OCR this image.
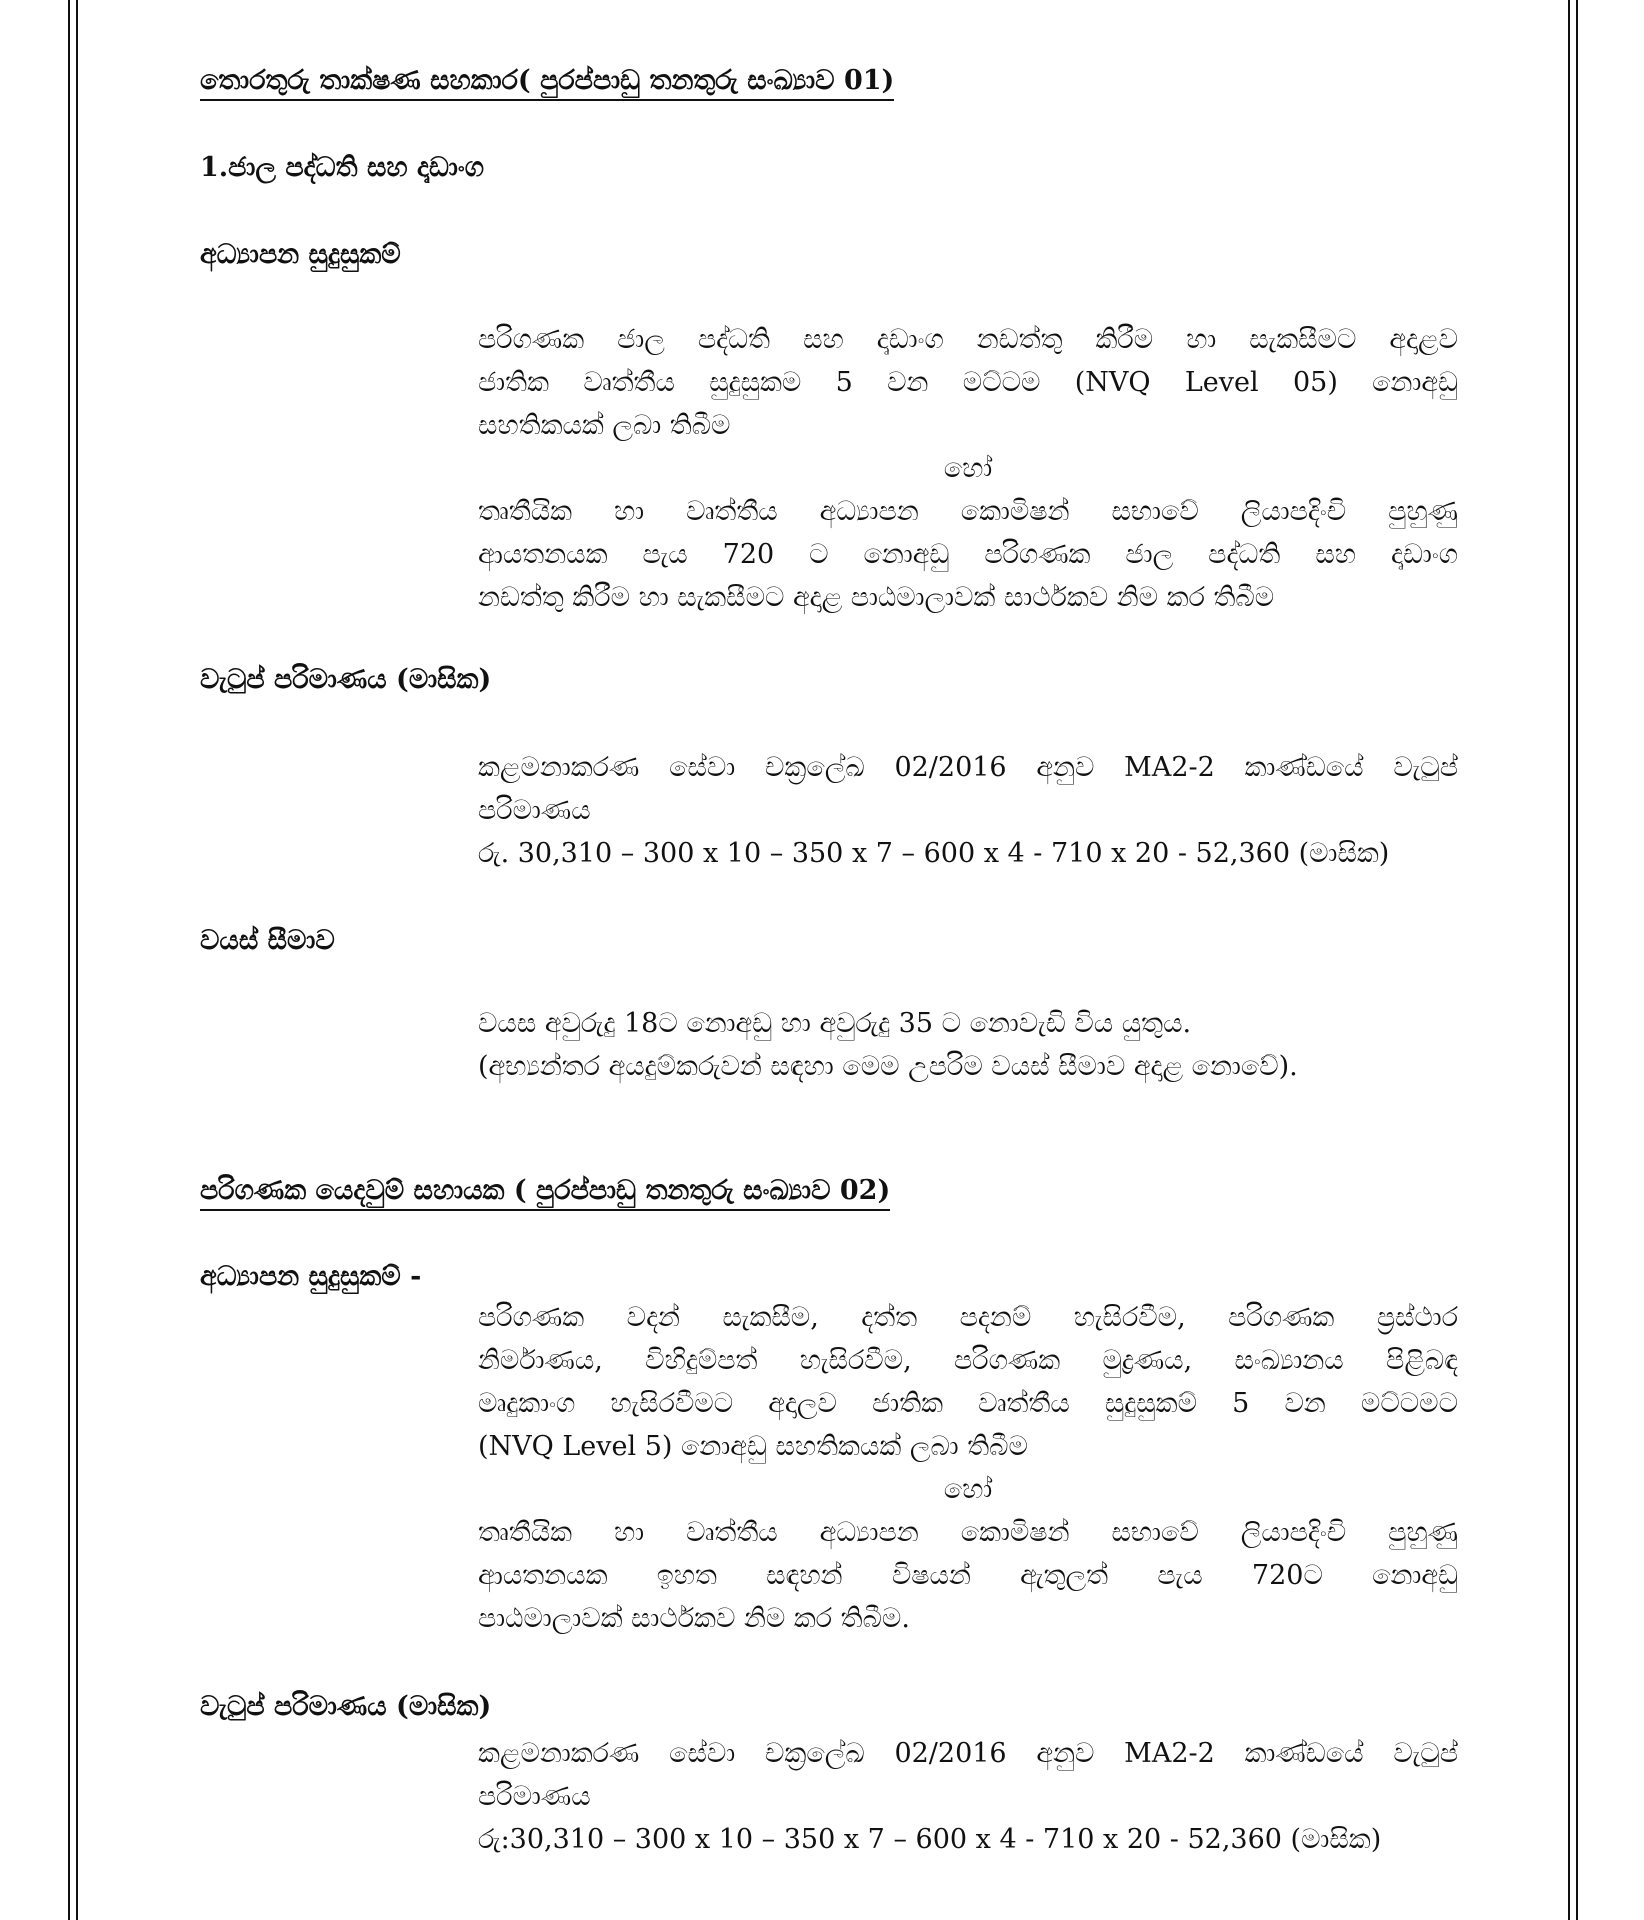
තොරතුරු තාක්ෂණ සහකාර( පුරප්පාඩු තනතුරු සංඛ්‍යාව 01)
1.ජාල පද්ධති සහ දෘඩාංග
අධ්‍යාපන සුදුසුකම්

පරිගණක ජාල පද්ධති සහ දෘඩාංග නඩත්තු කිරීම හා සැකසීමට අදාළව

ජාතික වෘත්තීය සුදුසුකම 5 වන මට්ටම (NVQ Level 05) නොඅඩු

සහතිකයක් ලබා තිබීම

හෝ

තෘතීයික හා වෘත්තීය අධ්‍යාපන කොමිෂන් සභාවේ ලියාපදිංචි පුහුණු

ආයතනයක පැය 720 ට නොඅඩු පරිගණක ජාල පද්ධති සහ දෘඩාංග

නඩත්තු කිරීම හා සැකසීමට අදාළ පාඨමාලාවක් සාර්ථකව නිම කර තිබීම

වැටුප් පරිමාණය (මාසික)

කළමනාකරණ සේවා චක්‍රලේඛ 02/2016 අනුව MA2-2 කාණ්ඩයේ වැටුප්

පරිමාණය

රු. 30,310 – 300 x 10 – 350 x 7 – 600 x 4 - 710 x 20 - 52,360 (මාසික)

වයස් සීමාව

වයස අවුරුදු 18ට නොඅඩු හා අවුරුදු 35 ට නොවැඩි විය යුතුය.

(අභ්‍යන්තර අයදුම්කරුවන් සඳහා මෙම උපරිම වයස් සීමාව අදාළ නොවේ).

පරිගණක යෙදවුම් සහායක ( පුරප්පාඩු තනතුරු සංඛ්‍යාව 02)
අධ්‍යාපන සුදුසුකම් -

පරිගණක වදන් සැකසීම, දත්ත පදනම් හැසිරවීම, පරිගණක ප්‍රස්ථාර

නිර්මාණය, විහිදුම්පත් හැසිරවීම, පරිගණක මුද්‍රණය, සංඛ්‍යානය පිළිබඳ

මෘදුකාංග හැසිරවීමට අදාලව ජාතික වෘත්තීය සුදුසුකම් 5 වන මට්ටමට

(NVQ Level 5) නොඅඩු සහතිකයක් ලබා තිබීම

හෝ

තෘතීයික හා වෘත්තීය අධ්‍යාපන කොමිෂන් සභාවේ ලියාපදිංචි පුහුණු

ආයතනයක ඉහත සඳහන් විෂයන් ඇතුලත් පැය 720ට නොඅඩු

පාඨමාලාවක් සාර්ථකව නිම කර තිබීම.

වැටුප් පරිමාණය (මාසික)

කළමනාකරණ සේවා චක්‍රලේඛ 02/2016 අනුව MA2-2 කාණ්ඩයේ වැටුප්

පරිමාණය

රු:30,310 – 300 x 10 – 350 x 7 – 600 x 4 - 710 x 20 - 52,360 (මාසික)
